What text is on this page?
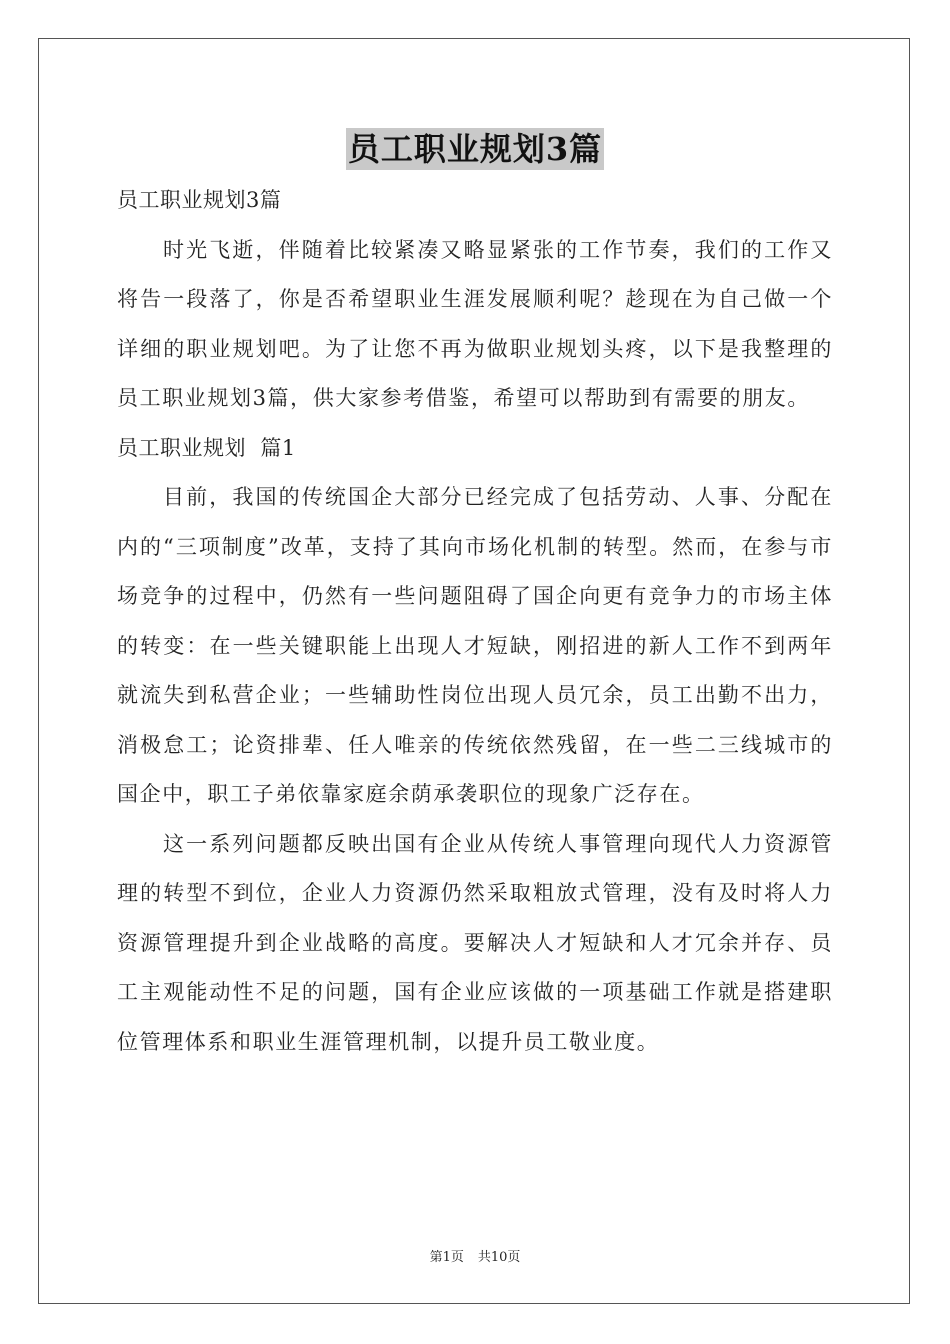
员工职业规划3篇

员工职业规划3篇

时光飞逝，伴随着比较紧凑又略显紧张的工作节奏，我们的工作又将告一段落了，你是否希望职业生涯发展顺利呢？趁现在为自己做一个详细的职业规划吧。为了让您不再为做职业规划头疼，以下是我整理的员工职业规划3篇，供大家参考借鉴，希望可以帮助到有需要的朋友。

员工职业规划  篇1

目前，我国的传统国企大部分已经完成了包括劳动、人事、分配在内的“三项制度”改革，支持了其向市场化机制的转型。然而，在参与市场竞争的过程中，仍然有一些问题阻碍了国企向更有竞争力的市场主体的转变：在一些关键职能上出现人才短缺，刚招进的新人工作不到两年就流失到私营企业；一些辅助性岗位出现人员冗余，员工出勤不出力，消极怠工；论资排辈、任人唯亲的传统依然残留，在一些二三线城市的国企中，职工子弟依靠家庭余荫承袭职位的现象广泛存在。

这一系列问题都反映出国有企业从传统人事管理向现代人力资源管理的转型不到位，企业人力资源仍然采取粗放式管理，没有及时将人力资源管理提升到企业战略的高度。要解决人才短缺和人才冗余并存、员工主观能动性不足的问题，国有企业应该做的一项基础工作就是搭建职位管理体系和职业生涯管理机制，以提升员工敬业度。

第1页 共10页
